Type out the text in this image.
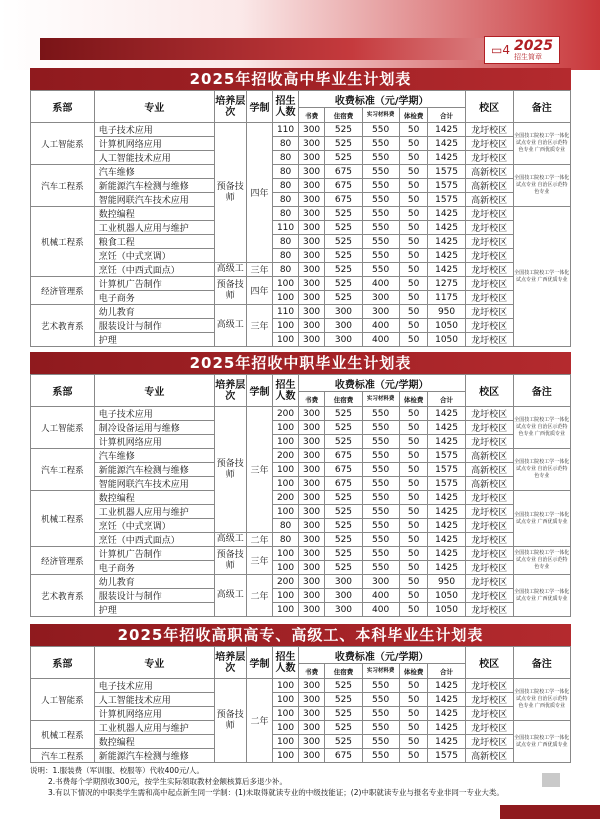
▭4 2025
招生简章
2025年招收高中毕业生计划表
系部	专业	培养层次	学制	招生人数	收费标准（元/学期）					校区	备注
					书费	住宿费	实习材料费	体检费	合计		
人工智能系	电子技术应用	预备技师	四年	110	300	525	550	50	1425	龙圩校区	全国技工院校工学一体化试点专业 自治区示范特色专业 广西优质专业
	计算机网络应用			80	300	525	550	50	1425	龙圩校区	
	人工智能技术应用			80	300	525	550	50	1425	龙圩校区	
汽车工程系	汽车维修			80	300	675	550	50	1575	高新校区	全国技工院校工学一体化试点专业 自治区示范特色专业
	新能源汽车检测与维修			80	300	675	550	50	1575	高新校区	
	智能网联汽车技术应用			80	300	675	550	50	1575	高新校区	
机械工程系	数控编程			80	300	525	550	50	1425	龙圩校区	全国技工院校工学一体化试点专业 广西优质专业
	工业机器人应用与维护			110	300	525	550	50	1425	龙圩校区	
	粮食工程			80	300	525	550	50	1425	龙圩校区	
	烹饪（中式烹调）			80	300	525	550	50	1425	龙圩校区	
	烹饪（中西式面点）	高级工	三年	80	300	525	550	50	1425	龙圩校区	
经济管理系	计算机广告制作	预备技师	四年	100	300	525	400	50	1275	龙圩校区	
	电子商务			100	300	525	300	50	1175	龙圩校区	
艺术教育系	幼儿教育	高级工	三年	110	300	300	300	50	950	龙圩校区	
	服装设计与制作			100	300	300	400	50	1050	龙圩校区	
	护理			100	300	300	400	50	1050	龙圩校区	
2025年招收中职毕业生计划表
系部	专业	培养层次	学制	招生人数	收费标准（元/学期）					校区	备注
					书费	住宿费	实习材料费	体检费	合计		
人工智能系	电子技术应用	预备技师	三年	200	300	525	550	50	1425	龙圩校区	全国技工院校工学一体化试点专业 自治区示范特色专业 广西优质专业
	制冷设备运用与维修			100	300	525	550	50	1425	龙圩校区	
	计算机网络应用			100	300	525	550	50	1425	龙圩校区	
汽车工程系	汽车维修			200	300	675	550	50	1575	高新校区	全国技工院校工学一体化试点专业 自治区示范特色专业
	新能源汽车检测与维修			100	300	675	550	50	1575	高新校区	
	智能网联汽车技术应用			100	300	675	550	50	1575	高新校区	
机械工程系	数控编程			200	300	525	550	50	1425	龙圩校区	全国技工院校工学一体化试点专业 广西优质专业
	工业机器人应用与维护			100	300	525	550	50	1425	龙圩校区	
	烹饪（中式烹调）			80	300	525	550	50	1425	龙圩校区	
	烹饪（中西式面点）	高级工	二年	80	300	525	550	50	1425	龙圩校区	
经济管理系	计算机广告制作	预备技师	三年	100	300	525	550	50	1425	龙圩校区	全国技工院校工学一体化试点专业 自治区示范特色专业
	电子商务			100	300	525	550	50	1425	龙圩校区	
艺术教育系	幼儿教育	高级工	二年	200	300	300	300	50	950	龙圩校区	全国技工院校工学一体化试点专业 广西优质专业
	服装设计与制作			100	300	300	400	50	1050	龙圩校区	
	护理			100	300	300	400	50	1050	龙圩校区	
2025年招收高职高专、高级工、本科毕业生计划表
系部	专业	培养层次	学制	招生人数	收费标准（元/学期）					校区	备注
					书费	住宿费	实习材料费	体检费	合计		
人工智能系	电子技术应用	预备技师	二年	100	300	525	550	50	1425	龙圩校区	全国技工院校工学一体化试点专业 自治区示范特色专业 广西优质专业
	人工智能技术应用			100	300	525	550	50	1425	龙圩校区	
	计算机网络应用			100	300	525	550	50	1425	龙圩校区	
机械工程系	工业机器人应用与维护			100	300	525	550	50	1425	龙圩校区	全国技工院校工学一体化试点专业 广西优质专业
	数控编程			100	300	525	550	50	1425	龙圩校区	
汽车工程系	新能源汽车检测与维修			100	300	675	550	50	1575	高新校区	
说明：1.服装费（军训服、校服等）代收400元/人。
2.书费每个学期预收300元，按学生实际领取教材金额核算后多退少补。
3.有以下情况的中职类学生需和高中起点新生同一学制：(1)未取得就读专业的中级技能证；(2)中职就读专业与报名专业非同一专业大类。
